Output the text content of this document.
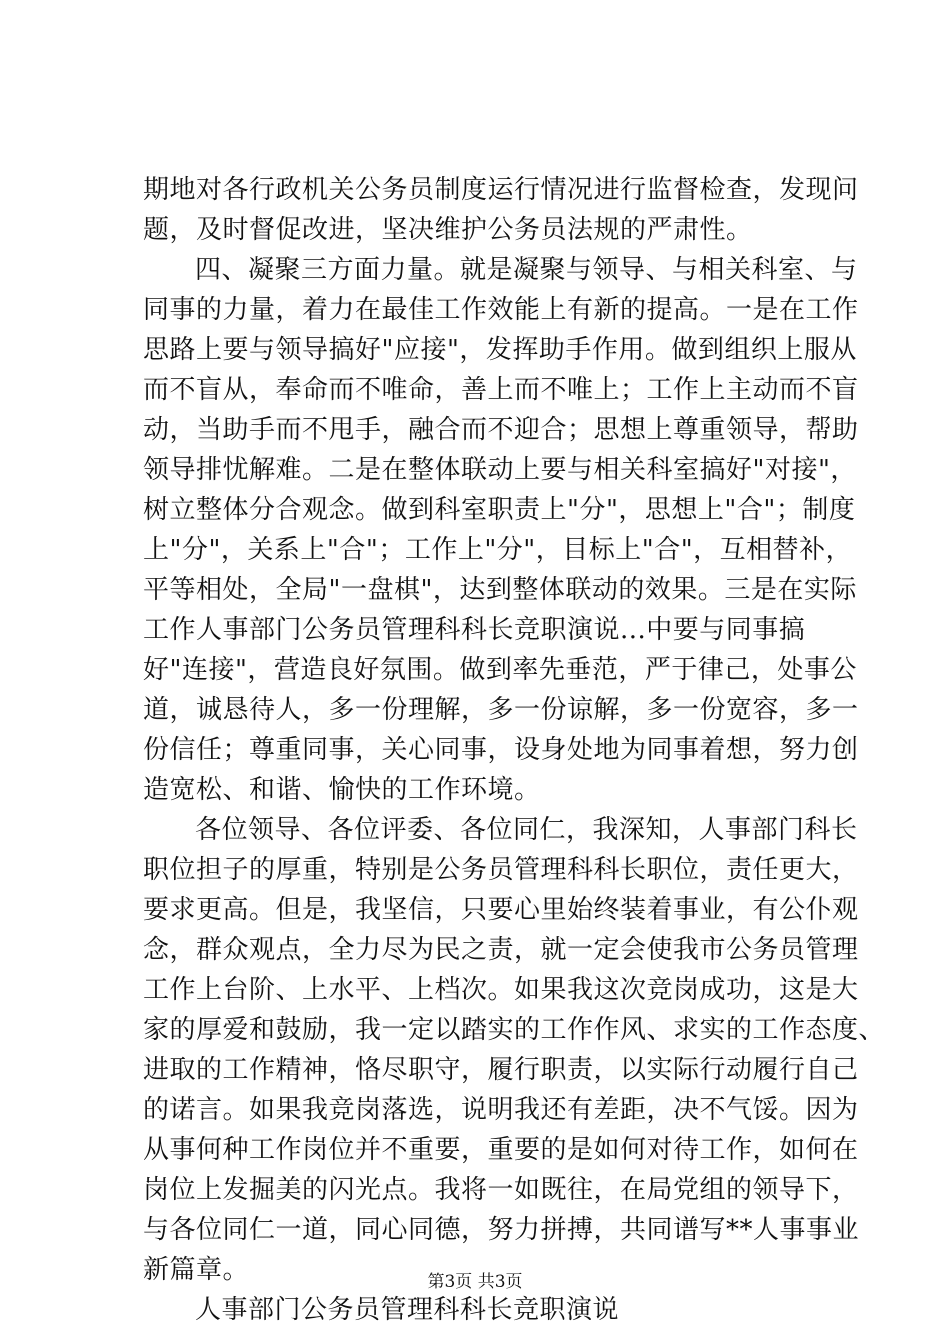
期地对各行政机关公务员制度运行情况进行监督检查，发现问
题，及时督促改进，坚决维护公务员法规的严肃性。
四、凝聚三方面力量。就是凝聚与领导、与相关科室、与
同事的力量，着力在最佳工作效能上有新的提高。一是在工作
思路上要与领导搞好"应接"，发挥助手作用。做到组织上服从
而不盲从，奉命而不唯命，善上而不唯上；工作上主动而不盲
动，当助手而不甩手，融合而不迎合；思想上尊重领导，帮助
领导排忧解难。二是在整体联动上要与相关科室搞好"对接"，
树立整体分合观念。做到科室职责上"分"，思想上"合"；制度
上"分"，关系上"合"；工作上"分"，目标上"合"，互相替补，
平等相处，全局"一盘棋"，达到整体联动的效果。三是在实际
工作人事部门公务员管理科科长竞职演说...中要与同事搞
好"连接"，营造良好氛围。做到率先垂范，严于律己，处事公
道，诚恳待人，多一份理解，多一份谅解，多一份宽容，多一
份信任；尊重同事，关心同事，设身处地为同事着想，努力创
造宽松、和谐、愉快的工作环境。
各位领导、各位评委、各位同仁，我深知，人事部门科长
职位担子的厚重，特别是公务员管理科科长职位，责任更大，
要求更高。但是，我坚信，只要心里始终装着事业，有公仆观
念，群众观点，全力尽为民之责，就一定会使我市公务员管理
工作上台阶、上水平、上档次。如果我这次竞岗成功，这是大
家的厚爱和鼓励，我一定以踏实的工作作风、求实的工作态度、
进取的工作精神，恪尽职守，履行职责，以实际行动履行自己
的诺言。如果我竞岗落选，说明我还有差距，决不气馁。因为
从事何种工作岗位并不重要，重要的是如何对待工作，如何在
岗位上发掘美的闪光点。我将一如既往，在局党组的领导下，
与各位同仁一道，同心同德，努力拼搏，共同谱写**人事事业
新篇章。
人事部门公务员管理科科长竞职演说
第3页 共3页
